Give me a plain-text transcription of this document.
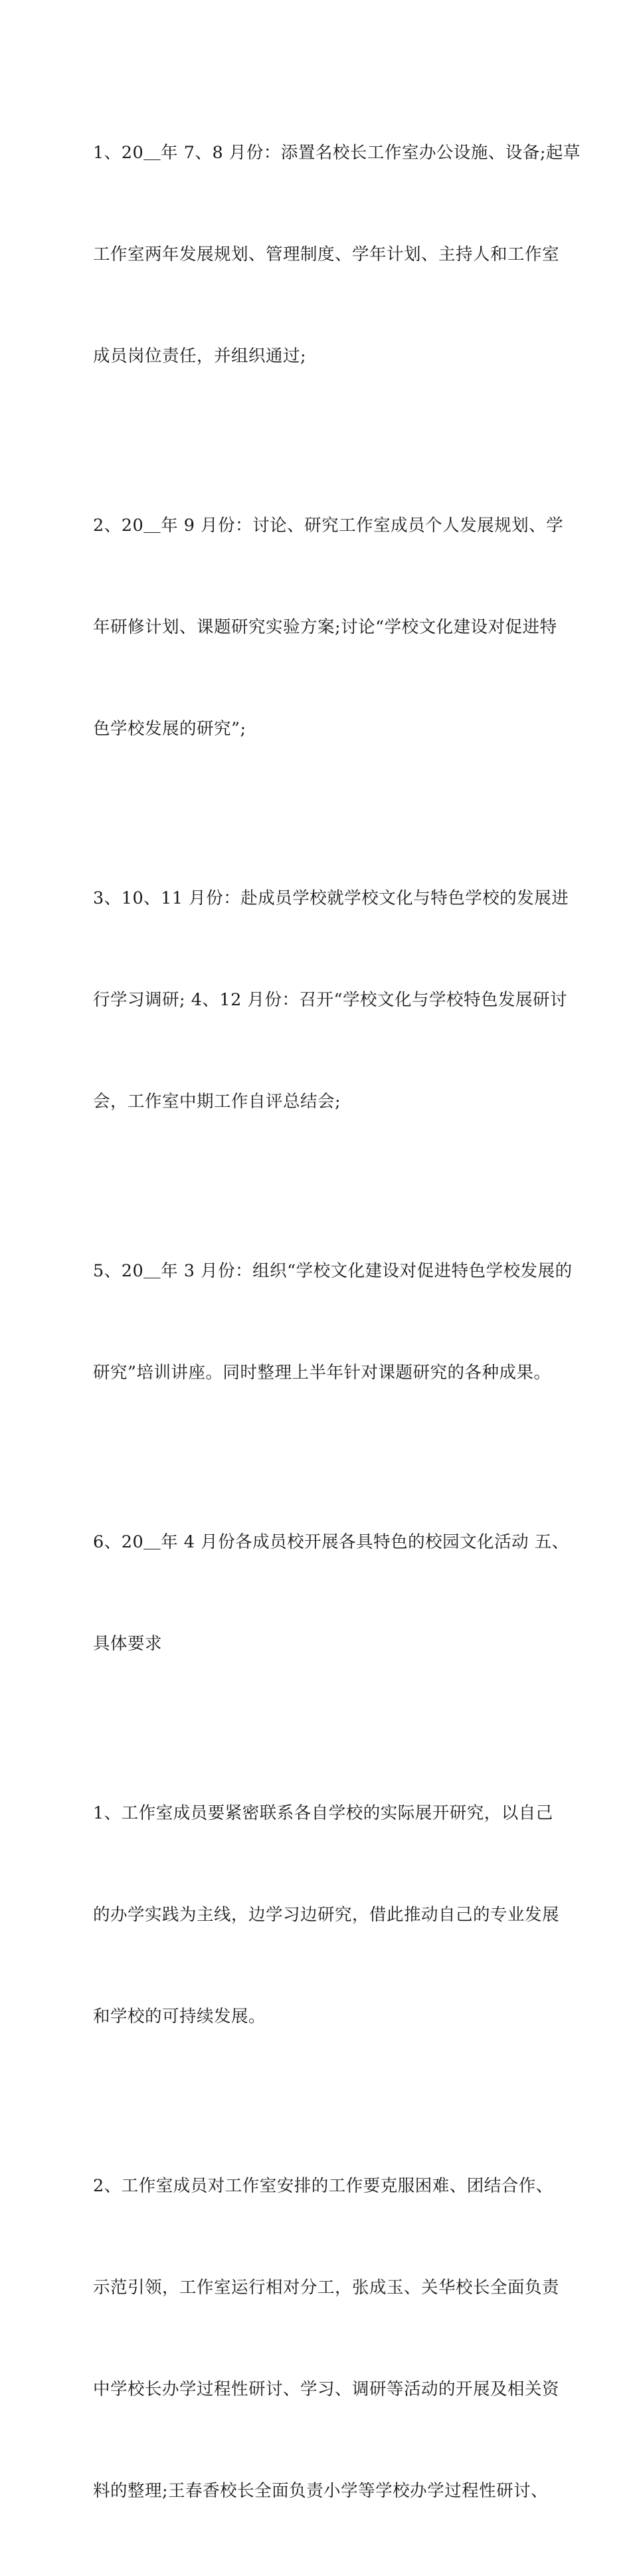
1、20＿年 7、8 月份：添置名校长工作室办公设施、设备;起草

工作室两年发展规划、管理制度、学年计划、主持人和工作室

成员岗位责任，并组织通过;

2、20＿年 9 月份：讨论、研究工作室成员个人发展规划、学

年研修计划、课题研究实验方案;讨论“学校文化建设对促进特

色学校发展的研究”;

3、10、11 月份：赴成员学校就学校文化与特色学校的发展进

行学习调研; 4、12 月份：召开“学校文化与学校特色发展研讨

会，工作室中期工作自评总结会;

5、20＿年 3 月份：组织“学校文化建设对促进特色学校发展的

研究”培训讲座。同时整理上半年针对课题研究的各种成果。

6、20＿年 4 月份各成员校开展各具特色的校园文化活动 五、

具体要求

1、工作室成员要紧密联系各自学校的实际展开研究，以自己

的办学实践为主线，边学习边研究，借此推动自己的专业发展

和学校的可持续发展。

2、工作室成员对工作室安排的工作要克服困难、团结合作、

示范引领，工作室运行相对分工，张成玉、关华校长全面负责

中学校长办学过程性研讨、学习、调研等活动的开展及相关资

料的整理;王春香校长全面负责小学等学校办学过程性研讨、
